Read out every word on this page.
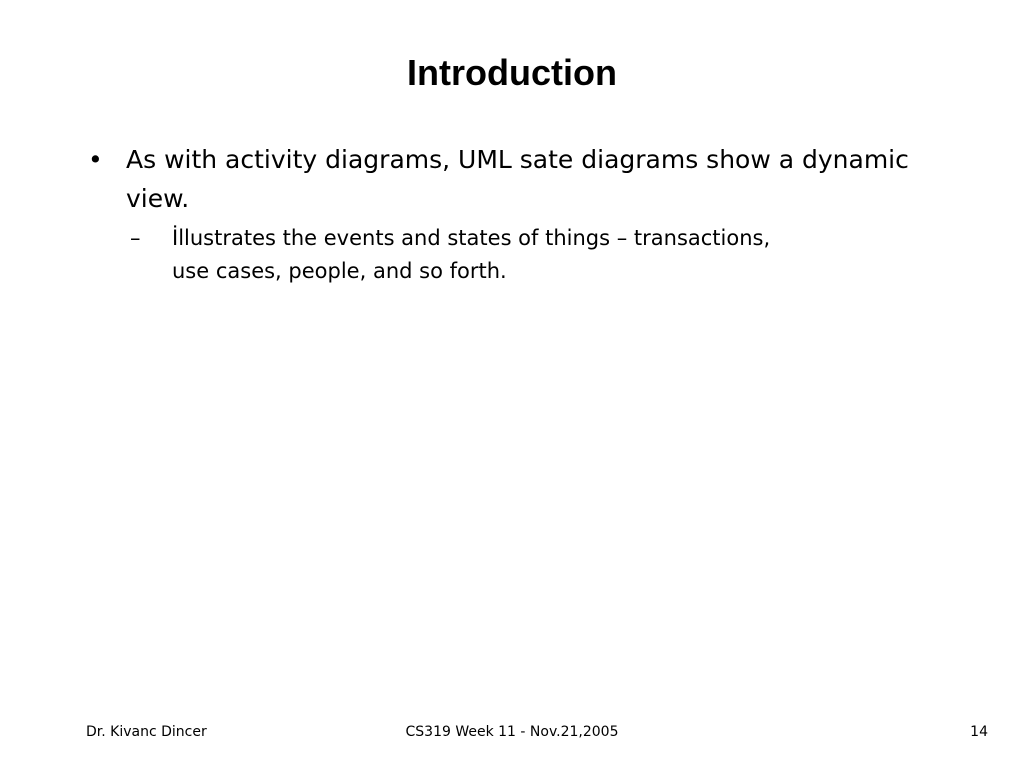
Introduction
• As with activity diagrams, UML sate diagrams show a dynamic view.
– İllustrates the events and states of things – transactions, use cases, people, and so forth.
Dr. Kivanc Dincer	CS319 Week 11 - Nov.21,2005	14
